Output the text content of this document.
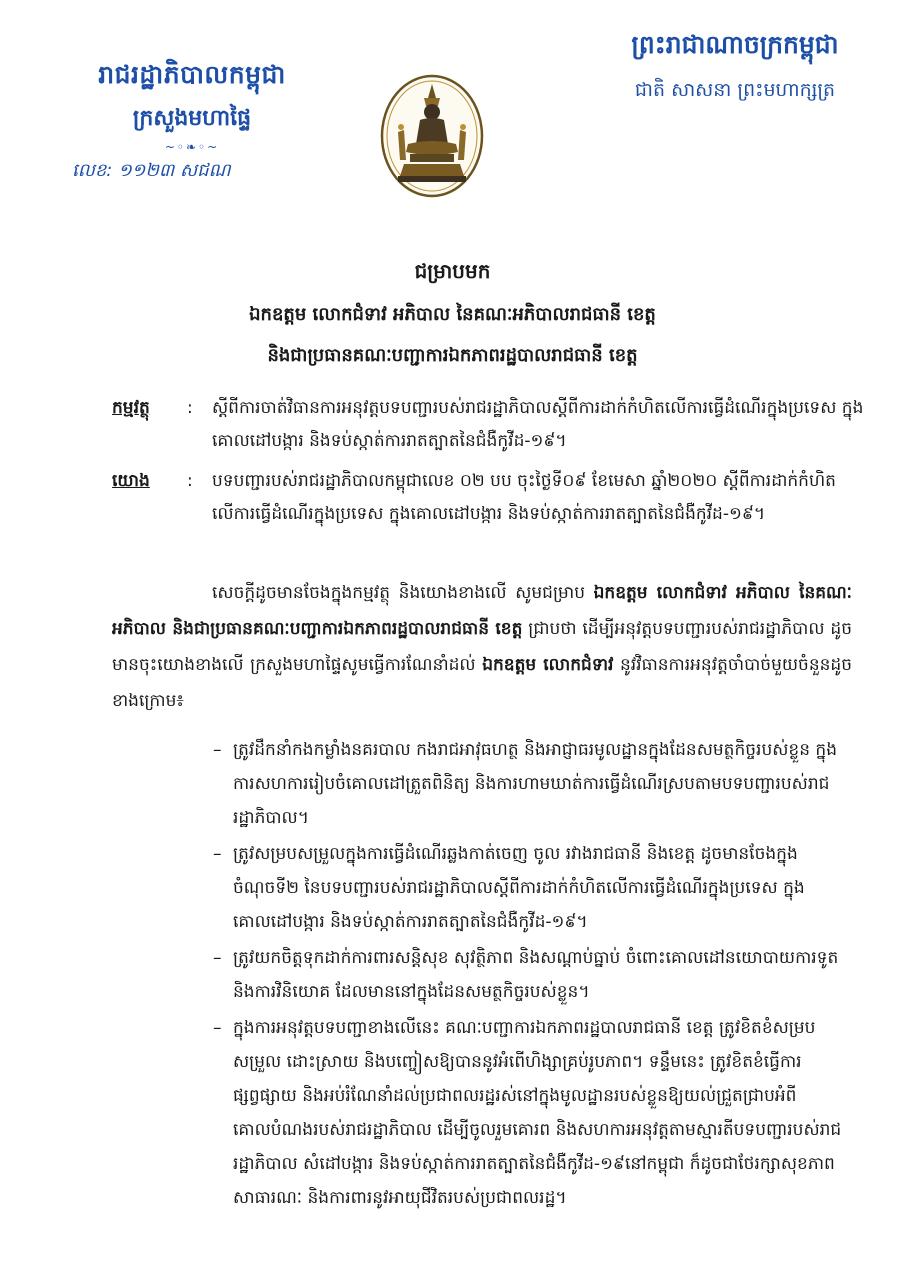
រាជរដ្ឋាភិបាលកម្ពុជា
ក្រសួងមហាផ្ទៃ
~◦❧◦~
លេខ: ១១២៣ សជណ
ព្រះរាជាណាចក្រកម្ពុជា
ជាតិ សាសនា ព្រះមហាក្សត្រ
ជម្រាបមក
ឯកឧត្តម លោកជំទាវ អភិបាល នៃគណៈអភិបាលរាជធានី ខេត្ត
និងជាប្រធានគណៈបញ្ជាការឯកភាពរដ្ឋបាលរាជធានី ខេត្ត
កម្មវត្ថុ	: ស្តីពីការចាត់វិធានការអនុវត្តបទបញ្ជារបស់រាជរដ្ឋាភិបាលស្តីពីការដាក់កំហិតលើការធ្វើដំណើរក្នុងប្រទេស ក្នុងគោលដៅបង្ការ និងទប់ស្កាត់ការរាតត្បាតនៃជំងឺកូវីដ-១៩។
យោង	: បទបញ្ជារបស់រាជរដ្ឋាភិបាលកម្ពុជាលេខ ០២ បប ចុះថ្ងៃទី០៩ ខែមេសា ឆ្នាំ២០២០ ស្តីពីការដាក់កំហិតលើការធ្វើដំណើរក្នុងប្រទេស ក្នុងគោលដៅបង្ការ និងទប់ស្កាត់ការរាតត្បាតនៃជំងឺកូវីដ-១៩។
សេចក្តីដូចមានចែងក្នុងកម្មវត្ថុ និងយោងខាងលើ សូមជម្រាប ឯកឧត្តម លោកជំទាវ អភិបាល នៃគណៈអភិបាល និងជាប្រធានគណៈបញ្ជាការឯកភាពរដ្ឋបាលរាជធានី ខេត្ត ជ្រាបថា ដើម្បីអនុវត្តបទបញ្ជារបស់រាជរដ្ឋាភិបាល ដូចមានចុះយោងខាងលើ ក្រសួងមហាផ្ទៃសូមធ្វើការណែនាំដល់ ឯកឧត្តម លោកជំទាវ នូវវិធានការអនុវត្តចាំបាច់មួយចំនួនដូចខាងក្រោម៖
– ត្រូវដឹកនាំកងកម្លាំងនគរបាល កងរាជអាវុធហត្ថ និងអាជ្ញាធរមូលដ្ឋានក្នុងដែនសមត្ថកិច្ចរបស់ខ្លួន ក្នុងការសហការរៀបចំគោលដៅត្រួតពិនិត្យ និងការហាមឃាត់ការធ្វើដំណើរស្របតាមបទបញ្ជារបស់រាជរដ្ឋាភិបាល។
– ត្រូវសម្របសម្រួលក្នុងការធ្វើដំណើរឆ្លងកាត់ចេញ ចូល រវាងរាជធានី និងខេត្ត ដូចមានចែងក្នុងចំណុចទី២ នៃបទបញ្ជារបស់រាជរដ្ឋាភិបាលស្តីពីការដាក់កំហិតលើការធ្វើដំណើរក្នុងប្រទេស ក្នុងគោលដៅបង្ការ និងទប់ស្កាត់ការរាតត្បាតនៃជំងឺកូវីដ-១៩។
– ត្រូវយកចិត្តទុកដាក់ការពារសន្តិសុខ សុវត្ថិភាព និងសណ្តាប់ធ្នាប់ ចំពោះគោលដៅនយោបាយការទូត និងការវិនិយោគ ដែលមាននៅក្នុងដែនសមត្ថកិច្ចរបស់ខ្លួន។
– ក្នុងការអនុវត្តបទបញ្ជាខាងលើនេះ គណៈបញ្ជាការឯកភាពរដ្ឋបាលរាជធានី ខេត្ត ត្រូវខិតខំសម្របសម្រួល ដោះស្រាយ និងបញ្ចៀសឱ្យបាននូវអំពើហិង្សាគ្រប់រូបភាព។ ទន្ទឹមនេះ ត្រូវខិតខំធ្វើការផ្សព្វផ្សាយ និងអប់រំណែនាំដល់ប្រជាពលរដ្ឋរស់នៅក្នុងមូលដ្ឋានរបស់ខ្លួនឱ្យយល់ជ្រួតជ្រាបអំពីគោលបំណងរបស់រាជរដ្ឋាភិបាល ដើម្បីចូលរួមគោរព និងសហការអនុវត្តតាមស្មារតីបទបញ្ជារបស់រាជរដ្ឋាភិបាល សំដៅបង្ការ និងទប់ស្កាត់ការរាតត្បាតនៃជំងឺកូវីដ-១៩នៅកម្ពុជា ក៏ដូចជាថែរក្សាសុខភាពសាធារណៈ និងការពារនូវអាយុជីវិតរបស់ប្រជាពលរដ្ឋ។
